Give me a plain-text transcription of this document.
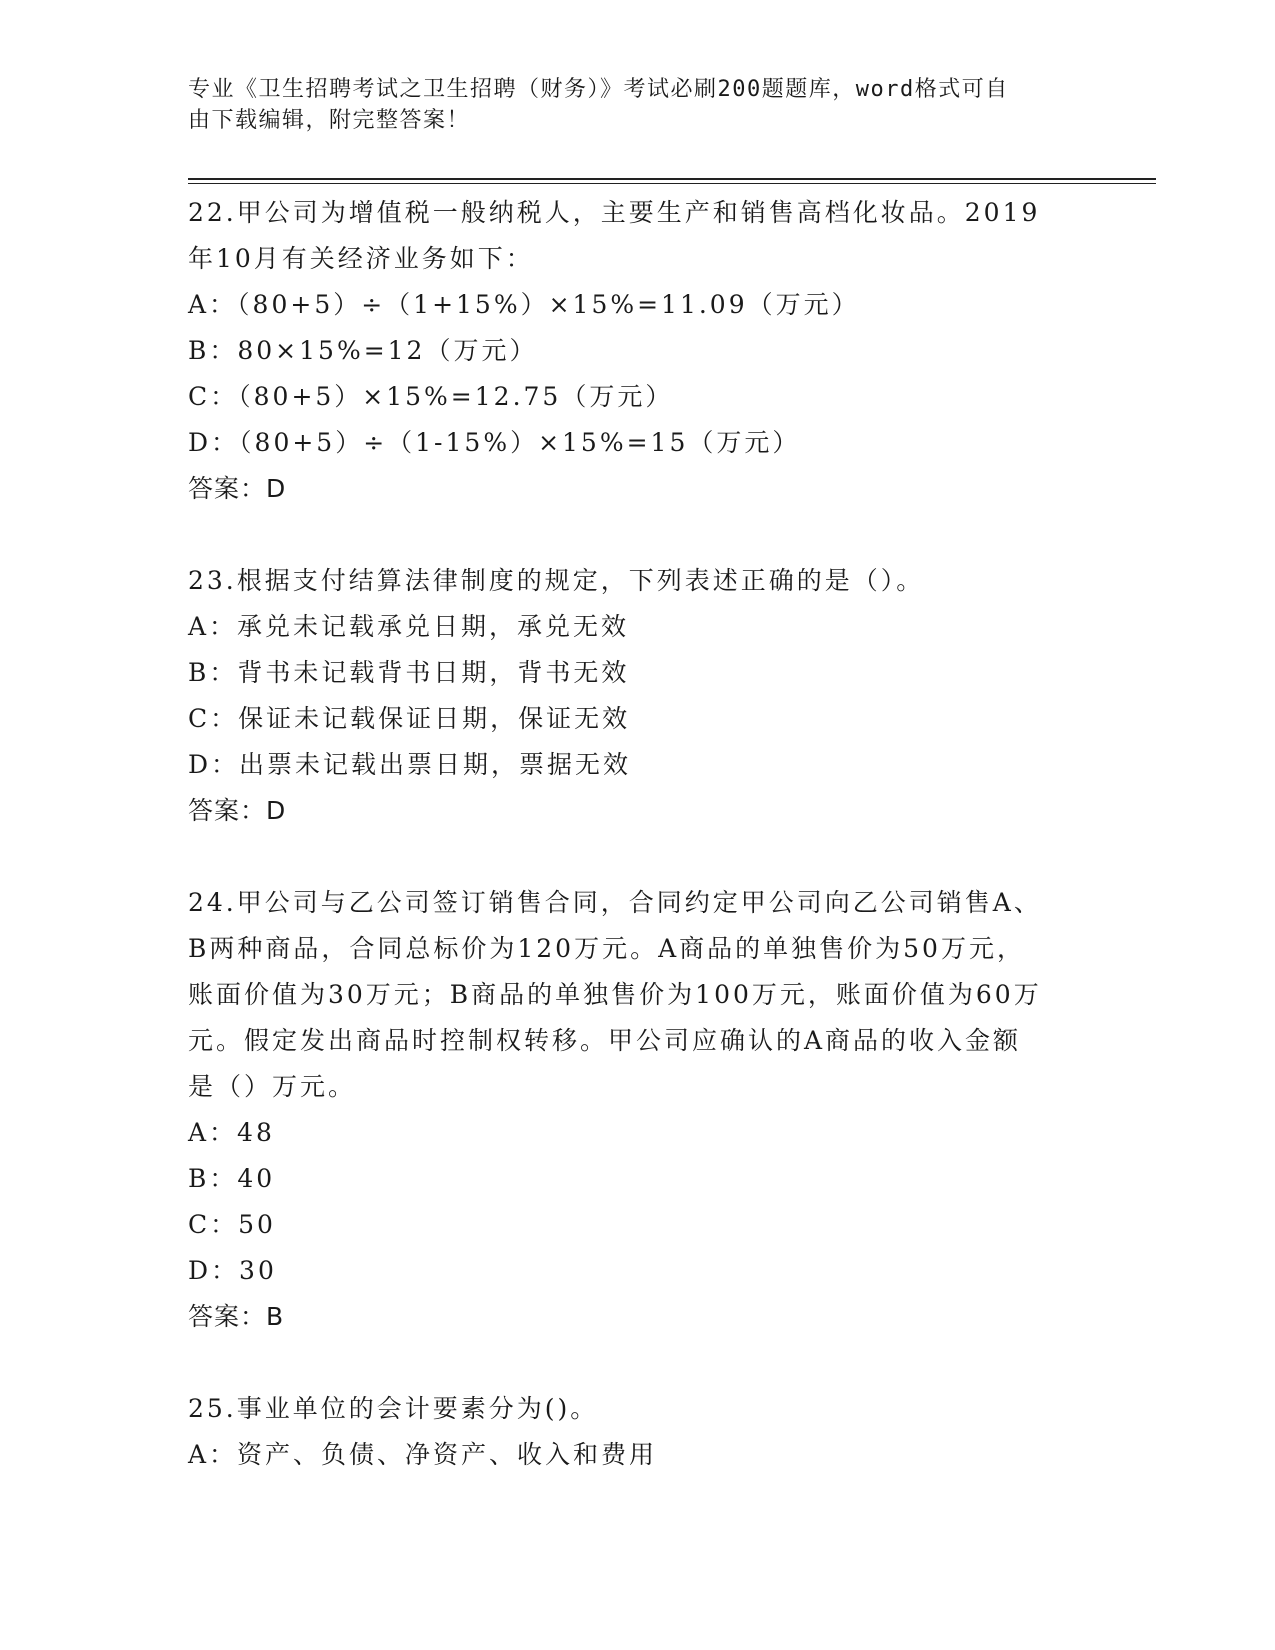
专业《卫生招聘考试之卫生招聘（财务）》考试必刷200题题库，word格式可自
由下载编辑，附完整答案！
22.甲公司为增值税一般纳税人，主要生产和销售高档化妆品。2019
年10月有关经济业务如下：
A：（80+5）÷（1+15%）×15%=11.09（万元）
B：80×15%=12（万元）
C：（80+5）×15%=12.75（万元）
D：（80+5）÷（1-15%）×15%=15（万元）
答案：D
23.根据支付结算法律制度的规定，下列表述正确的是（）。
A：承兑未记载承兑日期，承兑无效
B：背书未记载背书日期，背书无效
C：保证未记载保证日期，保证无效
D：出票未记载出票日期，票据无效
答案：D
24.甲公司与乙公司签订销售合同，合同约定甲公司向乙公司销售A、
B两种商品，合同总标价为120万元。A商品的单独售价为50万元，
账面价值为30万元；B商品的单独售价为100万元，账面价值为60万
元。假定发出商品时控制权转移。甲公司应确认的A商品的收入金额
是（）万元。
A：48
B：40
C：50
D：30
答案：B
25.事业单位的会计要素分为()。
A：资产、负债、净资产、收入和费用
